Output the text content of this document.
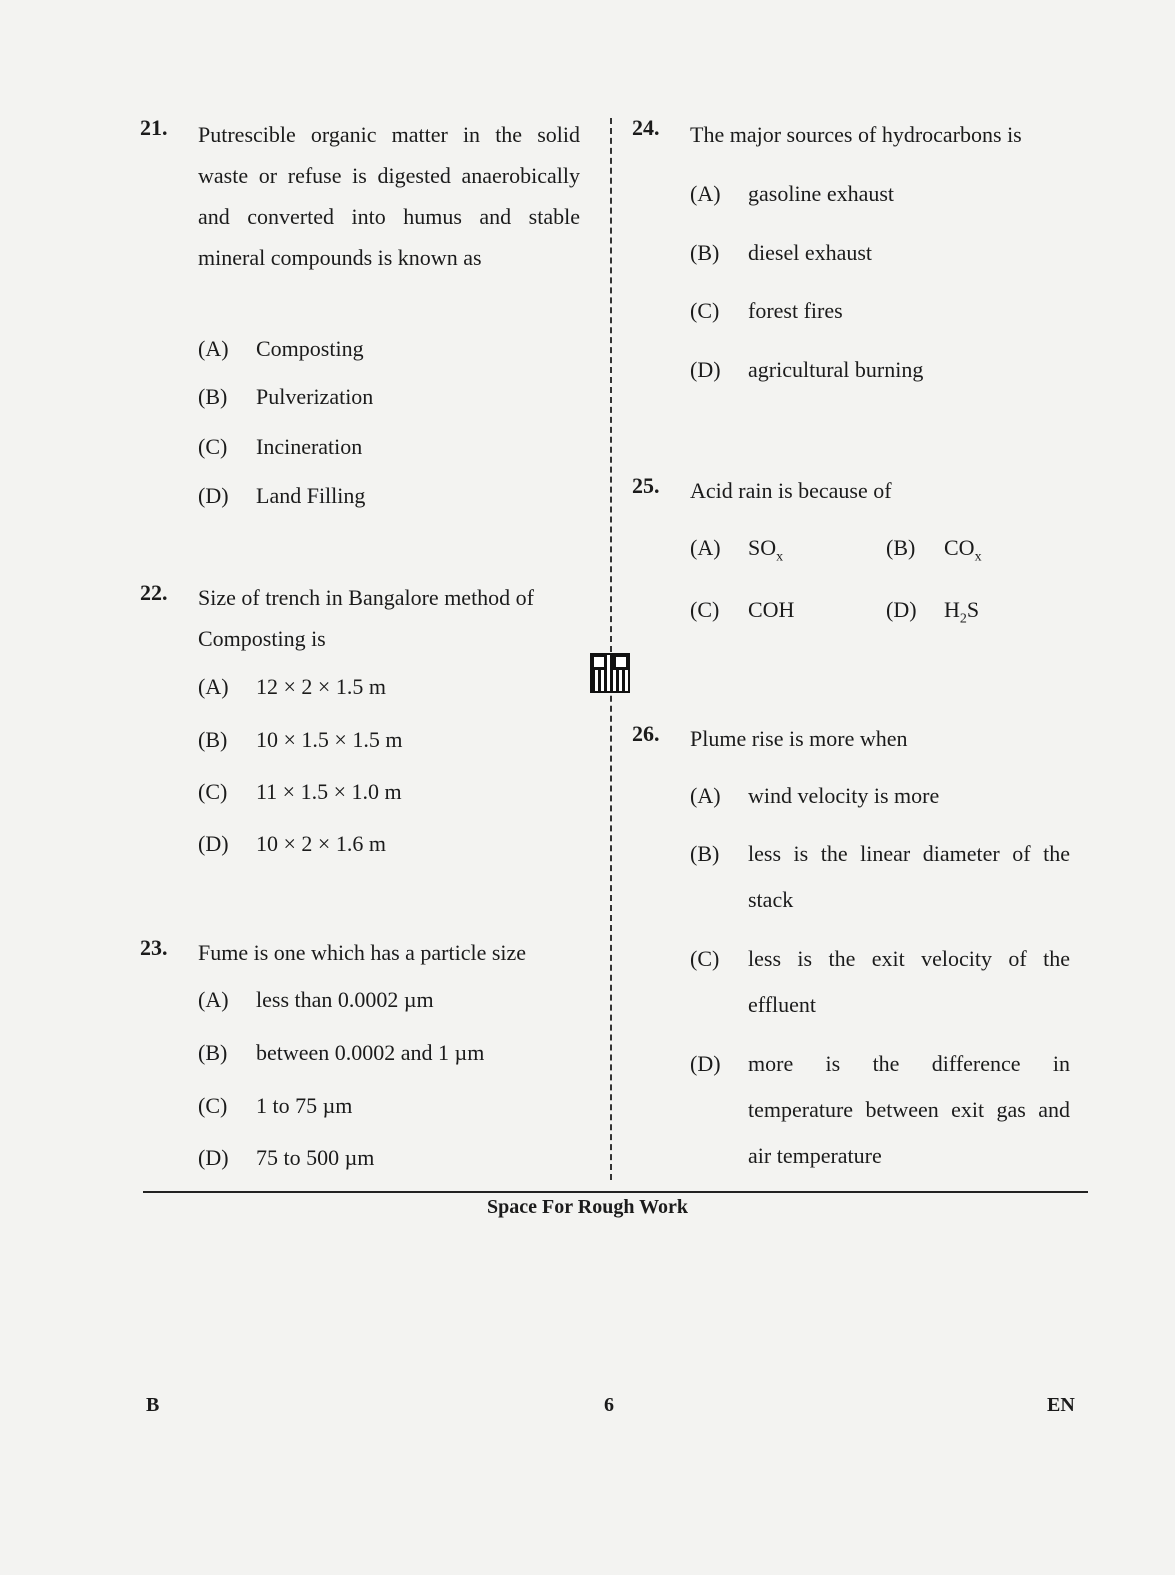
21. Putrescible organic matter in the solid waste or refuse is digested anaerobically and converted into humus and stable mineral compounds is known as
(A) Composting
(B) Pulverization
(C) Incineration
(D) Land Filling
22. Size of trench in Bangalore method of Composting is
(A) 12 × 2 × 1.5 m
(B) 10 × 1.5 × 1.5 m
(C) 11 × 1.5 × 1.0 m
(D) 10 × 2 × 1.6 m
23. Fume is one which has a particle size
(A) less than 0.0002 µm
(B) between 0.0002 and 1 µm
(C) 1 to 75 µm
(D) 75 to 500 µm
24. The major sources of hydrocarbons is
(A) gasoline exhaust
(B) diesel exhaust
(C) forest fires
(D) agricultural burning
25. Acid rain is because of
(A) $SO_x$	(B) $CO_x$
(C) COH	(D) $H_2S$
26. Plume rise is more when
(A) wind velocity is more
(B) less is the linear diameter of the stack
(C) less is the exit velocity of the effluent
(D) more is the difference in temperature between exit gas and air temperature
Space For Rough Work
B	6	EN
